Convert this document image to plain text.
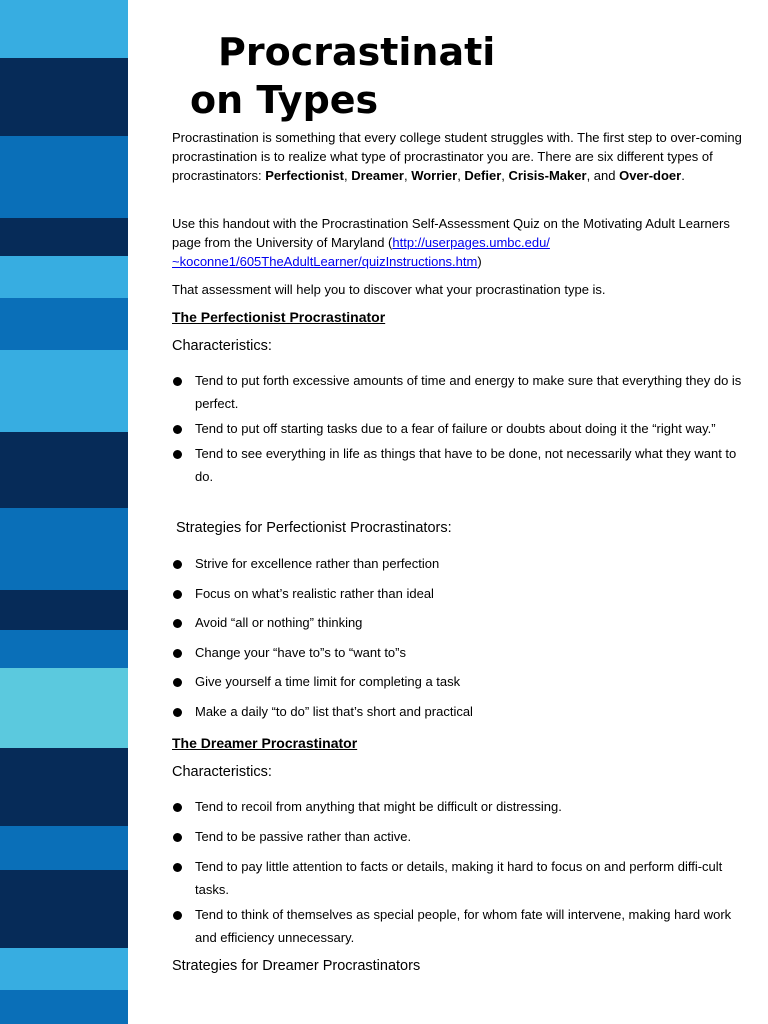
Procrastinati
on Types

Procrastination is something that every college student struggles with. The first step to over-coming procrastination is to realize what type of procrastinator you are. There are six different types of procrastinators: Perfectionist, Dreamer, Worrier, Defier, Crisis-Maker, and Over-doer.

Use this handout with the Procrastination Self-Assessment Quiz on the Motivating Adult Learners page from the University of Maryland (http://userpages.umbc.edu/ ~koconne1/605TheAdultLearner/quizInstructions.htm)

That assessment will help you to discover what your procrastination type is.

The Perfectionist Procrastinator
Characteristics:
Tend to put forth excessive amounts of time and energy to make sure that everything they do is perfect.
Tend to put off starting tasks due to a fear of failure or doubts about doing it the “right way.”
Tend to see everything in life as things that have to be done, not necessarily what they want to do.
Strategies for Perfectionist Procrastinators:
Strive for excellence rather than perfection
Focus on what’s realistic rather than ideal
Avoid “all or nothing” thinking
Change your “have to”s to “want to”s
Give yourself a time limit for completing a task
Make a daily “to do” list that’s short and practical
The Dreamer Procrastinator
Characteristics:
Tend to recoil from anything that might be difficult or distressing.
Tend to be passive rather than active.
Tend to pay little attention to facts or details, making it hard to focus on and perform diffi-cult tasks.
Tend to think of themselves as special people, for whom fate will intervene, making hard work and efficiency unnecessary.
Strategies for Dreamer Procrastinators
